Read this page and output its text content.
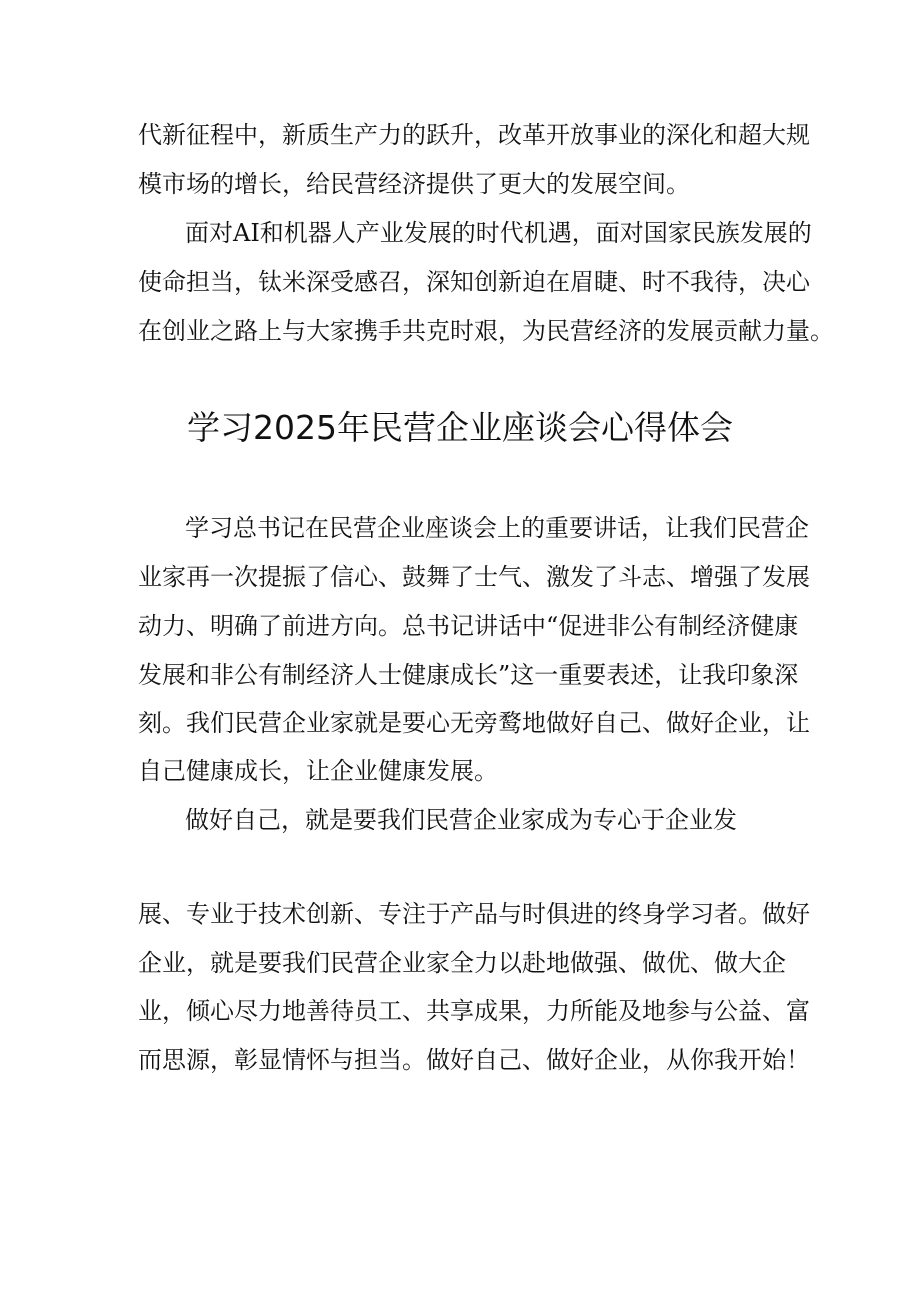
代新征程中，新质生产力的跃升，改革开放事业的深化和超大规
模市场的增长，给民营经济提供了更大的发展空间。
面对AI和机器人产业发展的时代机遇，面对国家民族发展的
使命担当，钛米深受感召，深知创新迫在眉睫、时不我待，决心
在创业之路上与大家携手共克时艰，为民营经济的发展贡献力量。
学习2025年民营企业座谈会心得体会
学习总书记在民营企业座谈会上的重要讲话，让我们民营企
业家再一次提振了信心、鼓舞了士气、激发了斗志、增强了发展
动力、明确了前进方向。总书记讲话中“促进非公有制经济健康
发展和非公有制经济人士健康成长”这一重要表述，让我印象深
刻。我们民营企业家就是要心无旁鹜地做好自己、做好企业，让
自己健康成长，让企业健康发展。
做好自己，就是要我们民营企业家成为专心于企业发
展、专业于技术创新、专注于产品与时俱进的终身学习者。做好
企业，就是要我们民营企业家全力以赴地做强、做优、做大企
业，倾心尽力地善待员工、共享成果，力所能及地参与公益、富
而思源，彰显情怀与担当。做好自己、做好企业，从你我开始！
